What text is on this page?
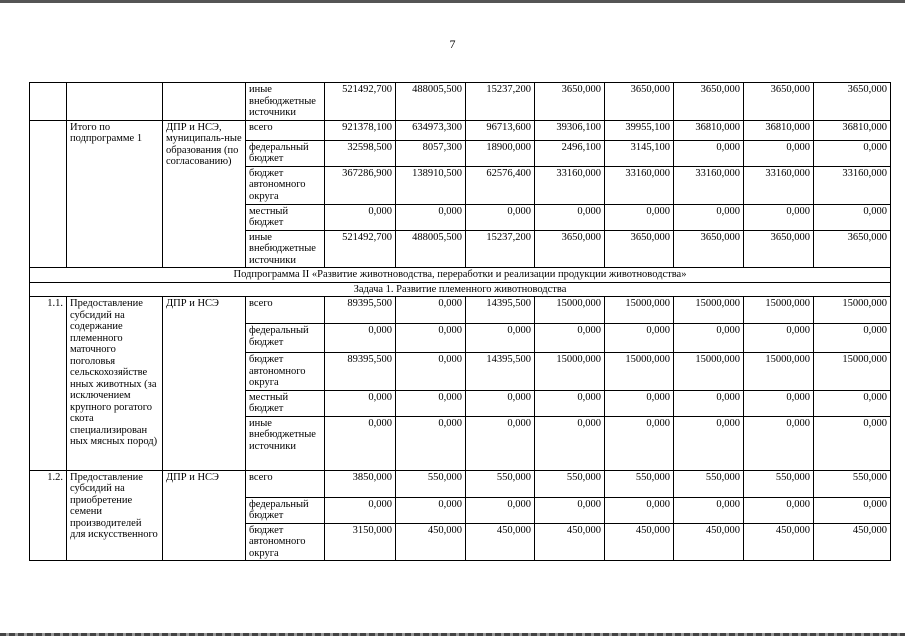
7
			иные внебюджетные источники	521492,700	488005,500	15237,200	3650,000	3650,000	3650,000	3650,000	3650,000
	Итого по подпрограмме 1	ДПР и НСЭ, муниципаль-ные образования (по согласованию)	всего	921378,100	634973,300	96713,600	39306,100	39955,100	36810,000	36810,000	36810,000
			федеральный бюджет	32598,500	8057,300	18900,000	2496,100	3145,100	0,000	0,000	0,000
			бюджет автономного округа	367286,900	138910,500	62576,400	33160,000	33160,000	33160,000	33160,000	33160,000
			местный бюджет	0,000	0,000	0,000	0,000	0,000	0,000	0,000	0,000
			иные внебюджетные источники	521492,700	488005,500	15237,200	3650,000	3650,000	3650,000	3650,000	3650,000
Подпрограмма II «Развитие животноводства, переработки и реализации продукции животноводства»											
Задача 1. Развитие племенного животноводства											
1.1.	Предоставление субсидий на содержание племенного маточного поголовья сельскохозяйстве нных животных (за исключением крупного рогатого скота специализирован ных мясных пород)	ДПР и НСЭ	всего	89395,500	0,000	14395,500	15000,000	15000,000	15000,000	15000,000	15000,000
			федеральный бюджет	0,000	0,000	0,000	0,000	0,000	0,000	0,000	0,000
			бюджет автономного округа	89395,500	0,000	14395,500	15000,000	15000,000	15000,000	15000,000	15000,000
			местный бюджет	0,000	0,000	0,000	0,000	0,000	0,000	0,000	0,000
			иные внебюджетные источники	0,000	0,000	0,000	0,000	0,000	0,000	0,000	0,000
1.2.	Предоставление субсидий на приобретение семени производителей для искусственного	ДПР и НСЭ	всего	3850,000	550,000	550,000	550,000	550,000	550,000	550,000	550,000
			федеральный бюджет	0,000	0,000	0,000	0,000	0,000	0,000	0,000	0,000
			бюджет автономного округа	3150,000	450,000	450,000	450,000	450,000	450,000	450,000	450,000
